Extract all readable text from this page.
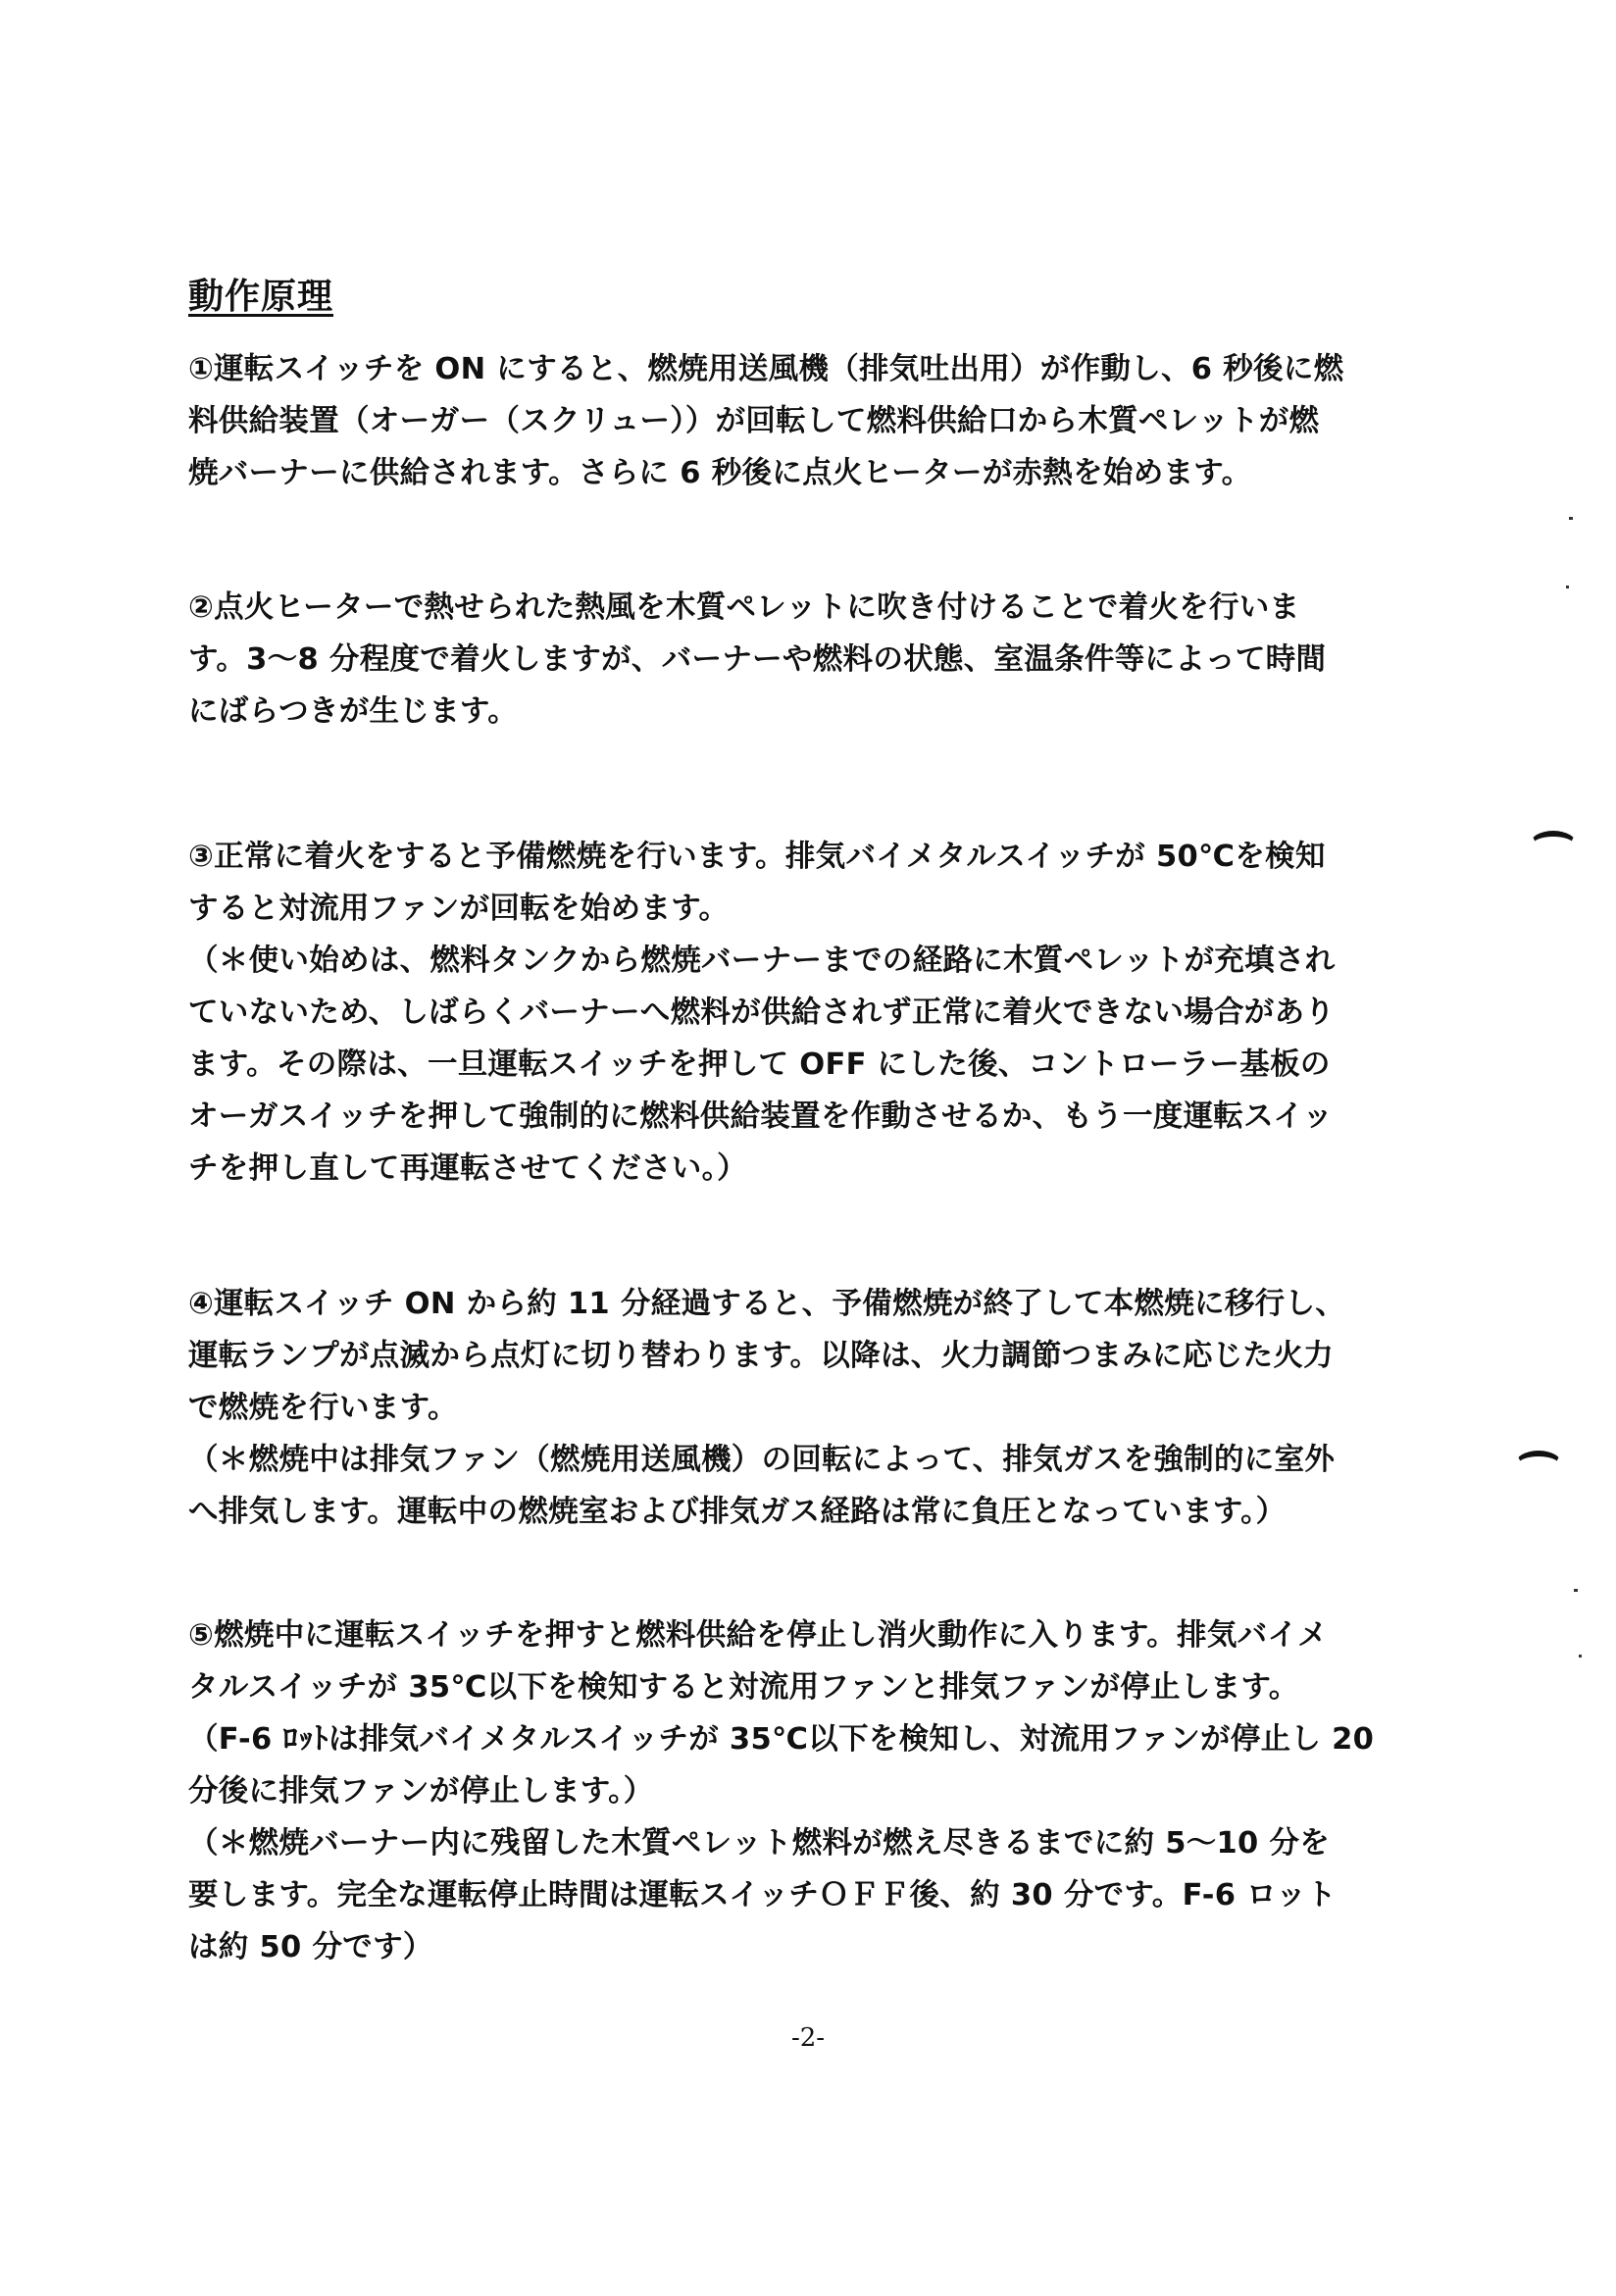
動作原理
①運転スイッチを ON にすると、燃焼用送風機（排気吐出用）が作動し、6 秒後に燃
料供給装置（オーガー（スクリュー））が回転して燃料供給口から木質ペレットが燃
焼バーナーに供給されます。さらに 6 秒後に点火ヒーターが赤熱を始めます。
②点火ヒーターで熱せられた熱風を木質ペレットに吹き付けることで着火を行いま
す。3～8 分程度で着火しますが、バーナーや燃料の状態、室温条件等によって時間
にばらつきが生じます。
③正常に着火をすると予備燃焼を行います。排気バイメタルスイッチが 50℃を検知
すると対流用ファンが回転を始めます。
（＊使い始めは、燃料タンクから燃焼バーナーまでの経路に木質ペレットが充填され
ていないため、しばらくバーナーへ燃料が供給されず正常に着火できない場合があり
ます。その際は、一旦運転スイッチを押して OFF にした後、コントローラー基板の
オーガスイッチを押して強制的に燃料供給装置を作動させるか、もう一度運転スイッ
チを押し直して再運転させてください。）
④運転スイッチ ON から約 11 分経過すると、予備燃焼が終了して本燃焼に移行し、
運転ランプが点滅から点灯に切り替わります。以降は、火力調節つまみに応じた火力
で燃焼を行います。
（＊燃焼中は排気ファン（燃焼用送風機）の回転によって、排気ガスを強制的に室外
へ排気します。運転中の燃焼室および排気ガス経路は常に負圧となっています。）
⑤燃焼中に運転スイッチを押すと燃料供給を停止し消火動作に入ります。排気バイメ
タルスイッチが 35℃以下を検知すると対流用ファンと排気ファンが停止します。
（F-6 ﾛｯﾄは排気バイメタルスイッチが 35℃以下を検知し、対流用ファンが停止し 20
分後に排気ファンが停止します。）
（＊燃焼バーナー内に残留した木質ペレット燃料が燃え尽きるまでに約 5～10 分を
要します。完全な運転停止時間は運転スイッチＯＦＦ後、約 30 分です。F-6 ロット
は約 50 分です）
-2-
